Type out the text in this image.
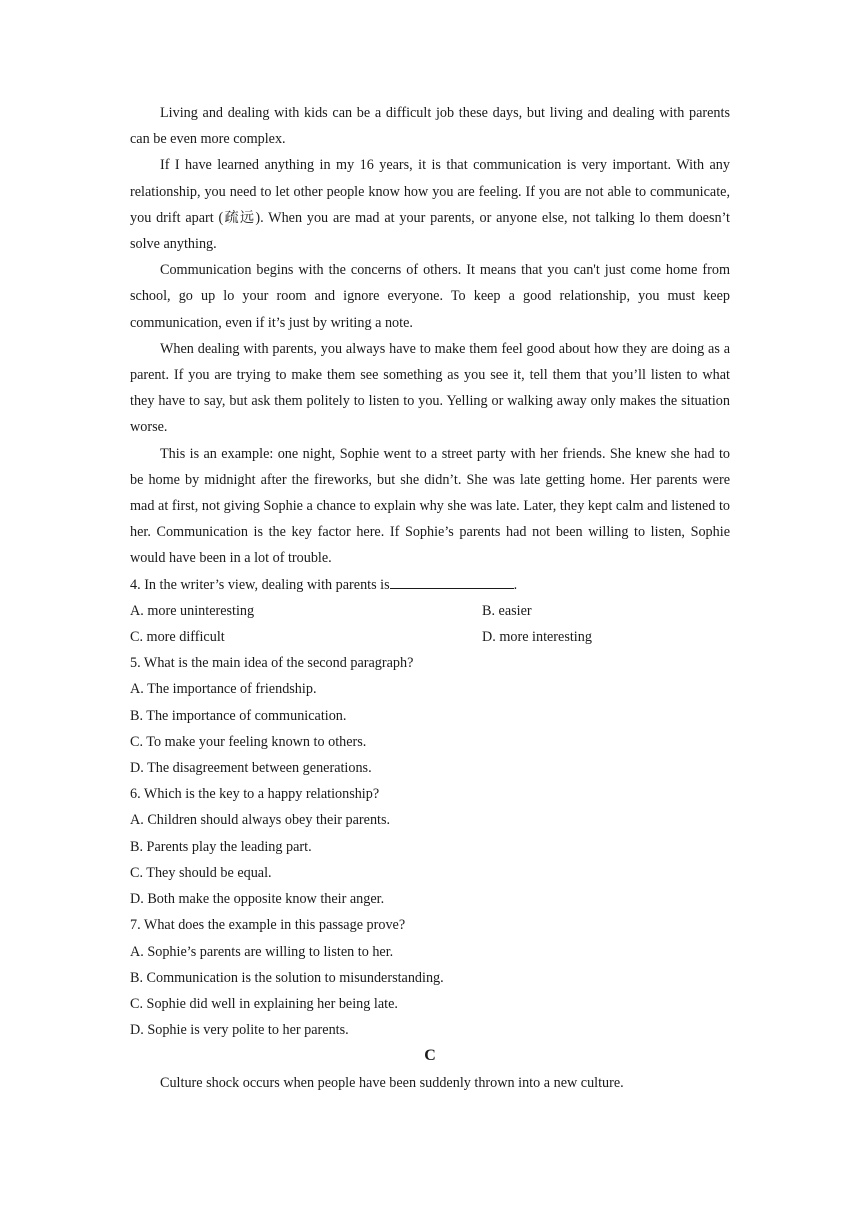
Living and dealing with kids can be a difficult job these days, but living and dealing with parents can be even more complex.

If I have learned anything in my 16 years, it is that communication is very important. With any relationship, you need to let other people know how you are feeling. If you are not able to communicate, you drift apart (疏远). When you are mad at your parents, or anyone else, not talking lo them doesn’t solve anything.

Communication begins with the concerns of others. It means that you can't just come home from school, go up lo your room and ignore everyone. To keep a good relationship, you must keep communication, even if it’s just by writing a note.

When dealing with parents, you always have to make them feel good about how they are doing as a parent. If you are trying to make them see something as you see it, tell them that you’ll listen to what they have to say, but ask them politely to listen to you. Yelling or walking away only makes the situation worse.

This is an example: one night, Sophie went to a street party with her friends. She knew she had to be home by midnight after the fireworks, but she didn’t. She was late getting home. Her parents were mad at first, not giving Sophie a chance to explain why she was late. Later, they kept calm and listened to her. Communication is the key factor here. If Sophie’s parents had not been willing to listen, Sophie would have been in a lot of trouble.

4. In the writer’s view, dealing with parents is	.

A. more uninteresting	B. easier
C. more difficult	D. more interesting

5. What is the main idea of the second paragraph?

A. The importance of friendship.

B. The importance of communication.

C. To make your feeling known to others.

D. The disagreement between generations.

6. Which is the key to a happy relationship?

A. Children should always obey their parents.

B. Parents play the leading part.

C. They should be equal.

D. Both make the opposite know their anger.

7. What does the example in this passage prove?

A. Sophie’s parents are willing to listen to her.

B. Communication is the solution to misunderstanding.

C. Sophie did well in explaining her being late.

D. Sophie is very polite to her parents.

C

Culture shock occurs when people have been suddenly thrown into a new culture.
